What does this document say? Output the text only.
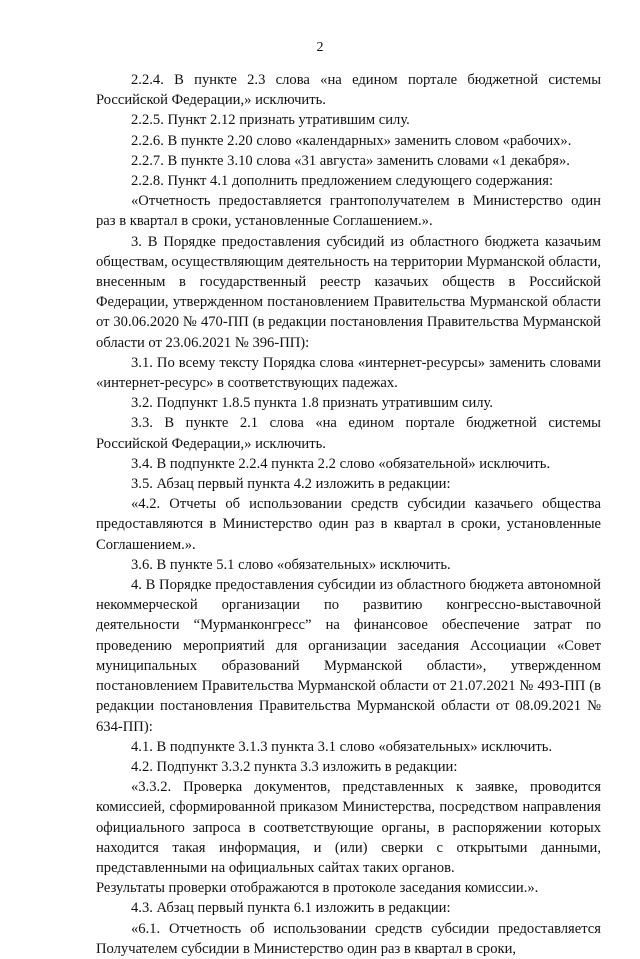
2

2.2.4. В пункте 2.3 слова «на едином портале бюджетной системы Российской Федерации,» исключить.

2.2.5. Пункт 2.12 признать утратившим силу.

2.2.6. В пункте 2.20 слово «календарных» заменить словом «рабочих».

2.2.7. В пункте 3.10 слова «31 августа» заменить словами «1 декабря».

2.2.8. Пункт 4.1 дополнить предложением следующего содержания:

«Отчетность предоставляется грантополучателем в Министерство один раз в квартал в сроки, установленные Соглашением.».

3. В Порядке предоставления субсидий из областного бюджета казачьим обществам, осуществляющим деятельность на территории Мурманской области, внесенным в государственный реестр казачьих обществ в Российской Федерации, утвержденном постановлением Правительства Мурманской области от 30.06.2020 № 470-ПП (в редакции постановления Правительства Мурманской области от 23.06.2021 № 396-ПП):

3.1. По всему тексту Порядка слова «интернет-ресурсы» заменить словами «интернет-ресурс» в соответствующих падежах.

3.2. Подпункт 1.8.5 пункта 1.8 признать утратившим силу.

3.3. В пункте 2.1 слова «на едином портале бюджетной системы Российской Федерации,» исключить.

3.4. В подпункте 2.2.4 пункта 2.2 слово «обязательной» исключить.

3.5. Абзац первый пункта 4.2 изложить в редакции:

«4.2. Отчеты об использовании средств субсидии казачьего общества предоставляются в Министерство один раз в квартал в сроки, установленные Соглашением.».

3.6. В пункте 5.1 слово «обязательных» исключить.

4. В Порядке предоставления субсидии из областного бюджета автономной некоммерческой организации по развитию конгрессно-выставочной деятельности “Мурманконгресс” на финансовое обеспечение затрат по проведению мероприятий для организации заседания Ассоциации «Совет муниципальных образований Мурманской области», утвержденном постановлением Правительства Мурманской области от 21.07.2021 № 493-ПП (в редакции постановления Правительства Мурманской области от 08.09.2021 № 634-ПП):

4.1. В подпункте 3.1.3 пункта 3.1 слово «обязательных» исключить.

4.2. Подпункт 3.3.2 пункта 3.3 изложить в редакции:

«3.3.2. Проверка документов, представленных к заявке, проводится комиссией, сформированной приказом Министерства, посредством направления официального запроса в соответствующие органы, в распоряжении которых находится такая информация, и (или) сверки с открытыми данными, представленными на официальных сайтах таких органов.

Результаты проверки отображаются в протоколе заседания комиссии.».

4.3. Абзац первый пункта 6.1 изложить в редакции:

«6.1. Отчетность об использовании средств субсидии предоставляется Получателем субсидии в Министерство один раз в квартал в сроки,
